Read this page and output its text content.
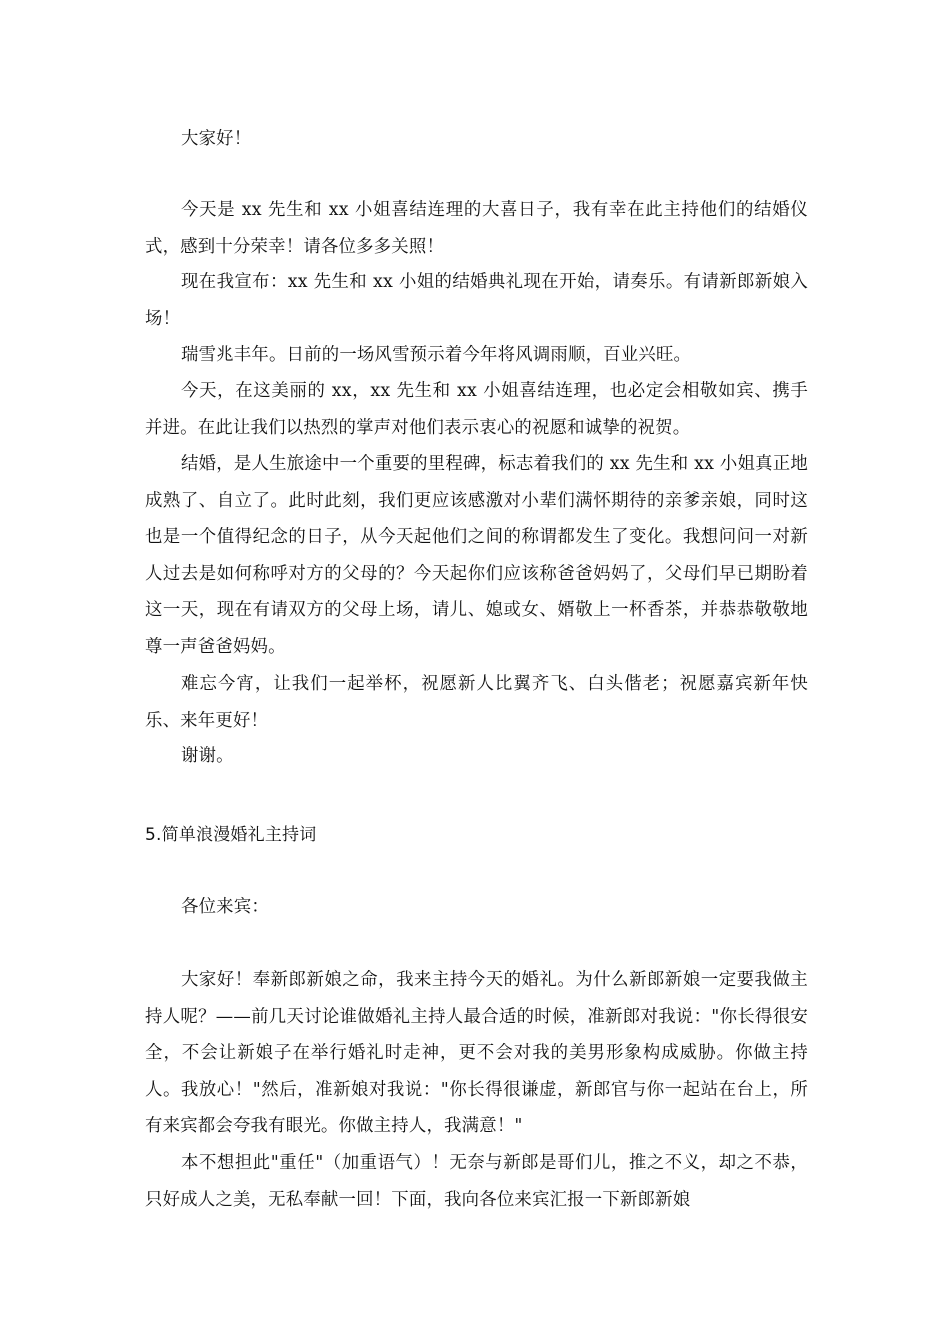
大家好！

今天是 xx 先生和 xx 小姐喜结连理的大喜日子，我有幸在此主持他们的结婚仪式，感到十分荣幸！请各位多多关照！

现在我宣布：xx 先生和 xx 小姐的结婚典礼现在开始，请奏乐。有请新郎新娘入场！

瑞雪兆丰年。日前的一场风雪预示着今年将风调雨顺，百业兴旺。

今天，在这美丽的 xx，xx 先生和 xx 小姐喜结连理，也必定会相敬如宾、携手并进。在此让我们以热烈的掌声对他们表示衷心的祝愿和诚挚的祝贺。

结婚，是人生旅途中一个重要的里程碑，标志着我们的 xx 先生和 xx 小姐真正地成熟了、自立了。此时此刻，我们更应该感激对小辈们满怀期待的亲爹亲娘，同时这也是一个值得纪念的日子，从今天起他们之间的称谓都发生了变化。我想问问一对新人过去是如何称呼对方的父母的？今天起你们应该称爸爸妈妈了，父母们早已期盼着这一天，现在有请双方的父母上场，请儿、媳或女、婿敬上一杯香茶，并恭恭敬敬地尊一声爸爸妈妈。

难忘今宵，让我们一起举杯，祝愿新人比翼齐飞、白头偕老；祝愿嘉宾新年快乐、来年更好！

谢谢。

5.简单浪漫婚礼主持词

各位来宾：

大家好！奉新郎新娘之命，我来主持今天的婚礼。为什么新郎新娘一定要我做主持人呢？——前几天讨论谁做婚礼主持人最合适的时候，准新郎对我说："你长得很安全，不会让新娘子在举行婚礼时走神，更不会对我的美男形象构成威胁。你做主持人。我放心！"然后，准新娘对我说："你长得很谦虚，新郎官与你一起站在台上，所有来宾都会夸我有眼光。你做主持人，我满意！"

本不想担此"重任"（加重语气）！无奈与新郎是哥们儿，推之不义，却之不恭，只好成人之美，无私奉献一回！下面，我向各位来宾汇报一下新郎新娘
